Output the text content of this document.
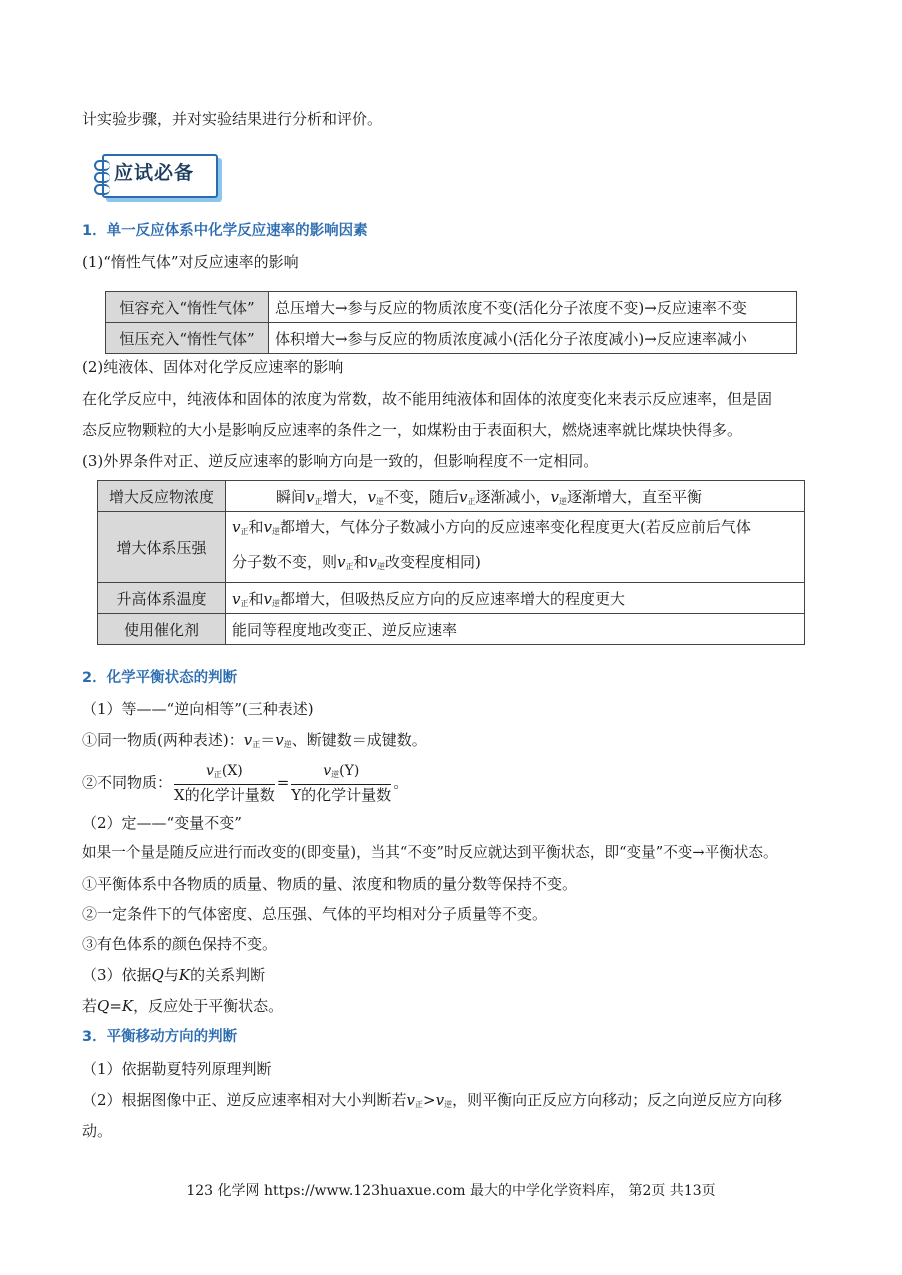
计实验步骤，并对实验结果进行分析和评价。
应试必备
1．单一反应体系中化学反应速率的影响因素
(1)“惰性气体”对反应速率的影响
恒容充入“惰性气体”	总压增大→参与反应的物质浓度不变(活化分子浓度不变)→反应速率不变
恒压充入“惰性气体”	体积增大→参与反应的物质浓度减小(活化分子浓度减小)→反应速率减小
(2)纯液体、固体对化学反应速率的影响
在化学反应中，纯液体和固体的浓度为常数，故不能用纯液体和固体的浓度变化来表示反应速率，但是固
态反应物颗粒的大小是影响反应速率的条件之一，如煤粉由于表面积大，燃烧速率就比煤块快得多。
(3)外界条件对正、逆反应速率的影响方向是一致的，但影响程度不一定相同。
增大反应物浓度	瞬间$v_正$增大，$v_逆$不变，随后$v_正$逐渐减小，$v_逆$逐渐增大，直至平衡
增大体系压强	$v_正$和$v_逆$都增大，气体分子数减小方向的反应速率变化程度更大(若反应前后气体
分子数不变，则$v_正$和$v_逆$改变程度相同)

升高体系温度	$v_正$和$v_逆$都增大，但吸热反应方向的反应速率增大的程度更大
使用催化剂	能同等程度地改变正、逆反应速率
2．化学平衡状态的判断
（1）等——“逆向相等”(三种表述)
①同一物质(两种表述)：$v_正=v_逆$、断键数＝成键数。
②不同物质： $\frac{v_正(X)}{\text{X的化学计量数}} = \frac{v_逆(Y)}{\text{Y的化学计量数}}$ 。
（2）定——“变量不变”
如果一个量是随反应进行而改变的(即变量)，当其“不变”时反应就达到平衡状态，即“变量”不变→平衡状态。
①平衡体系中各物质的质量、物质的量、浓度和物质的量分数等保持不变。
②一定条件下的气体密度、总压强、气体的平均相对分子质量等不变。
③有色体系的颜色保持不变。
（3）依据Q与K的关系判断
若Q=K，反应处于平衡状态。
3．平衡移动方向的判断
（1）依据勒夏特列原理判断
（2）根据图像中正、逆反应速率相对大小判断若$v_正>v_逆$，则平衡向正反应方向移动；反之向逆反应方向移
动。
123 化学网 https://www.123huaxue.com 最大的中学化学资料库， 第2页 共13页
